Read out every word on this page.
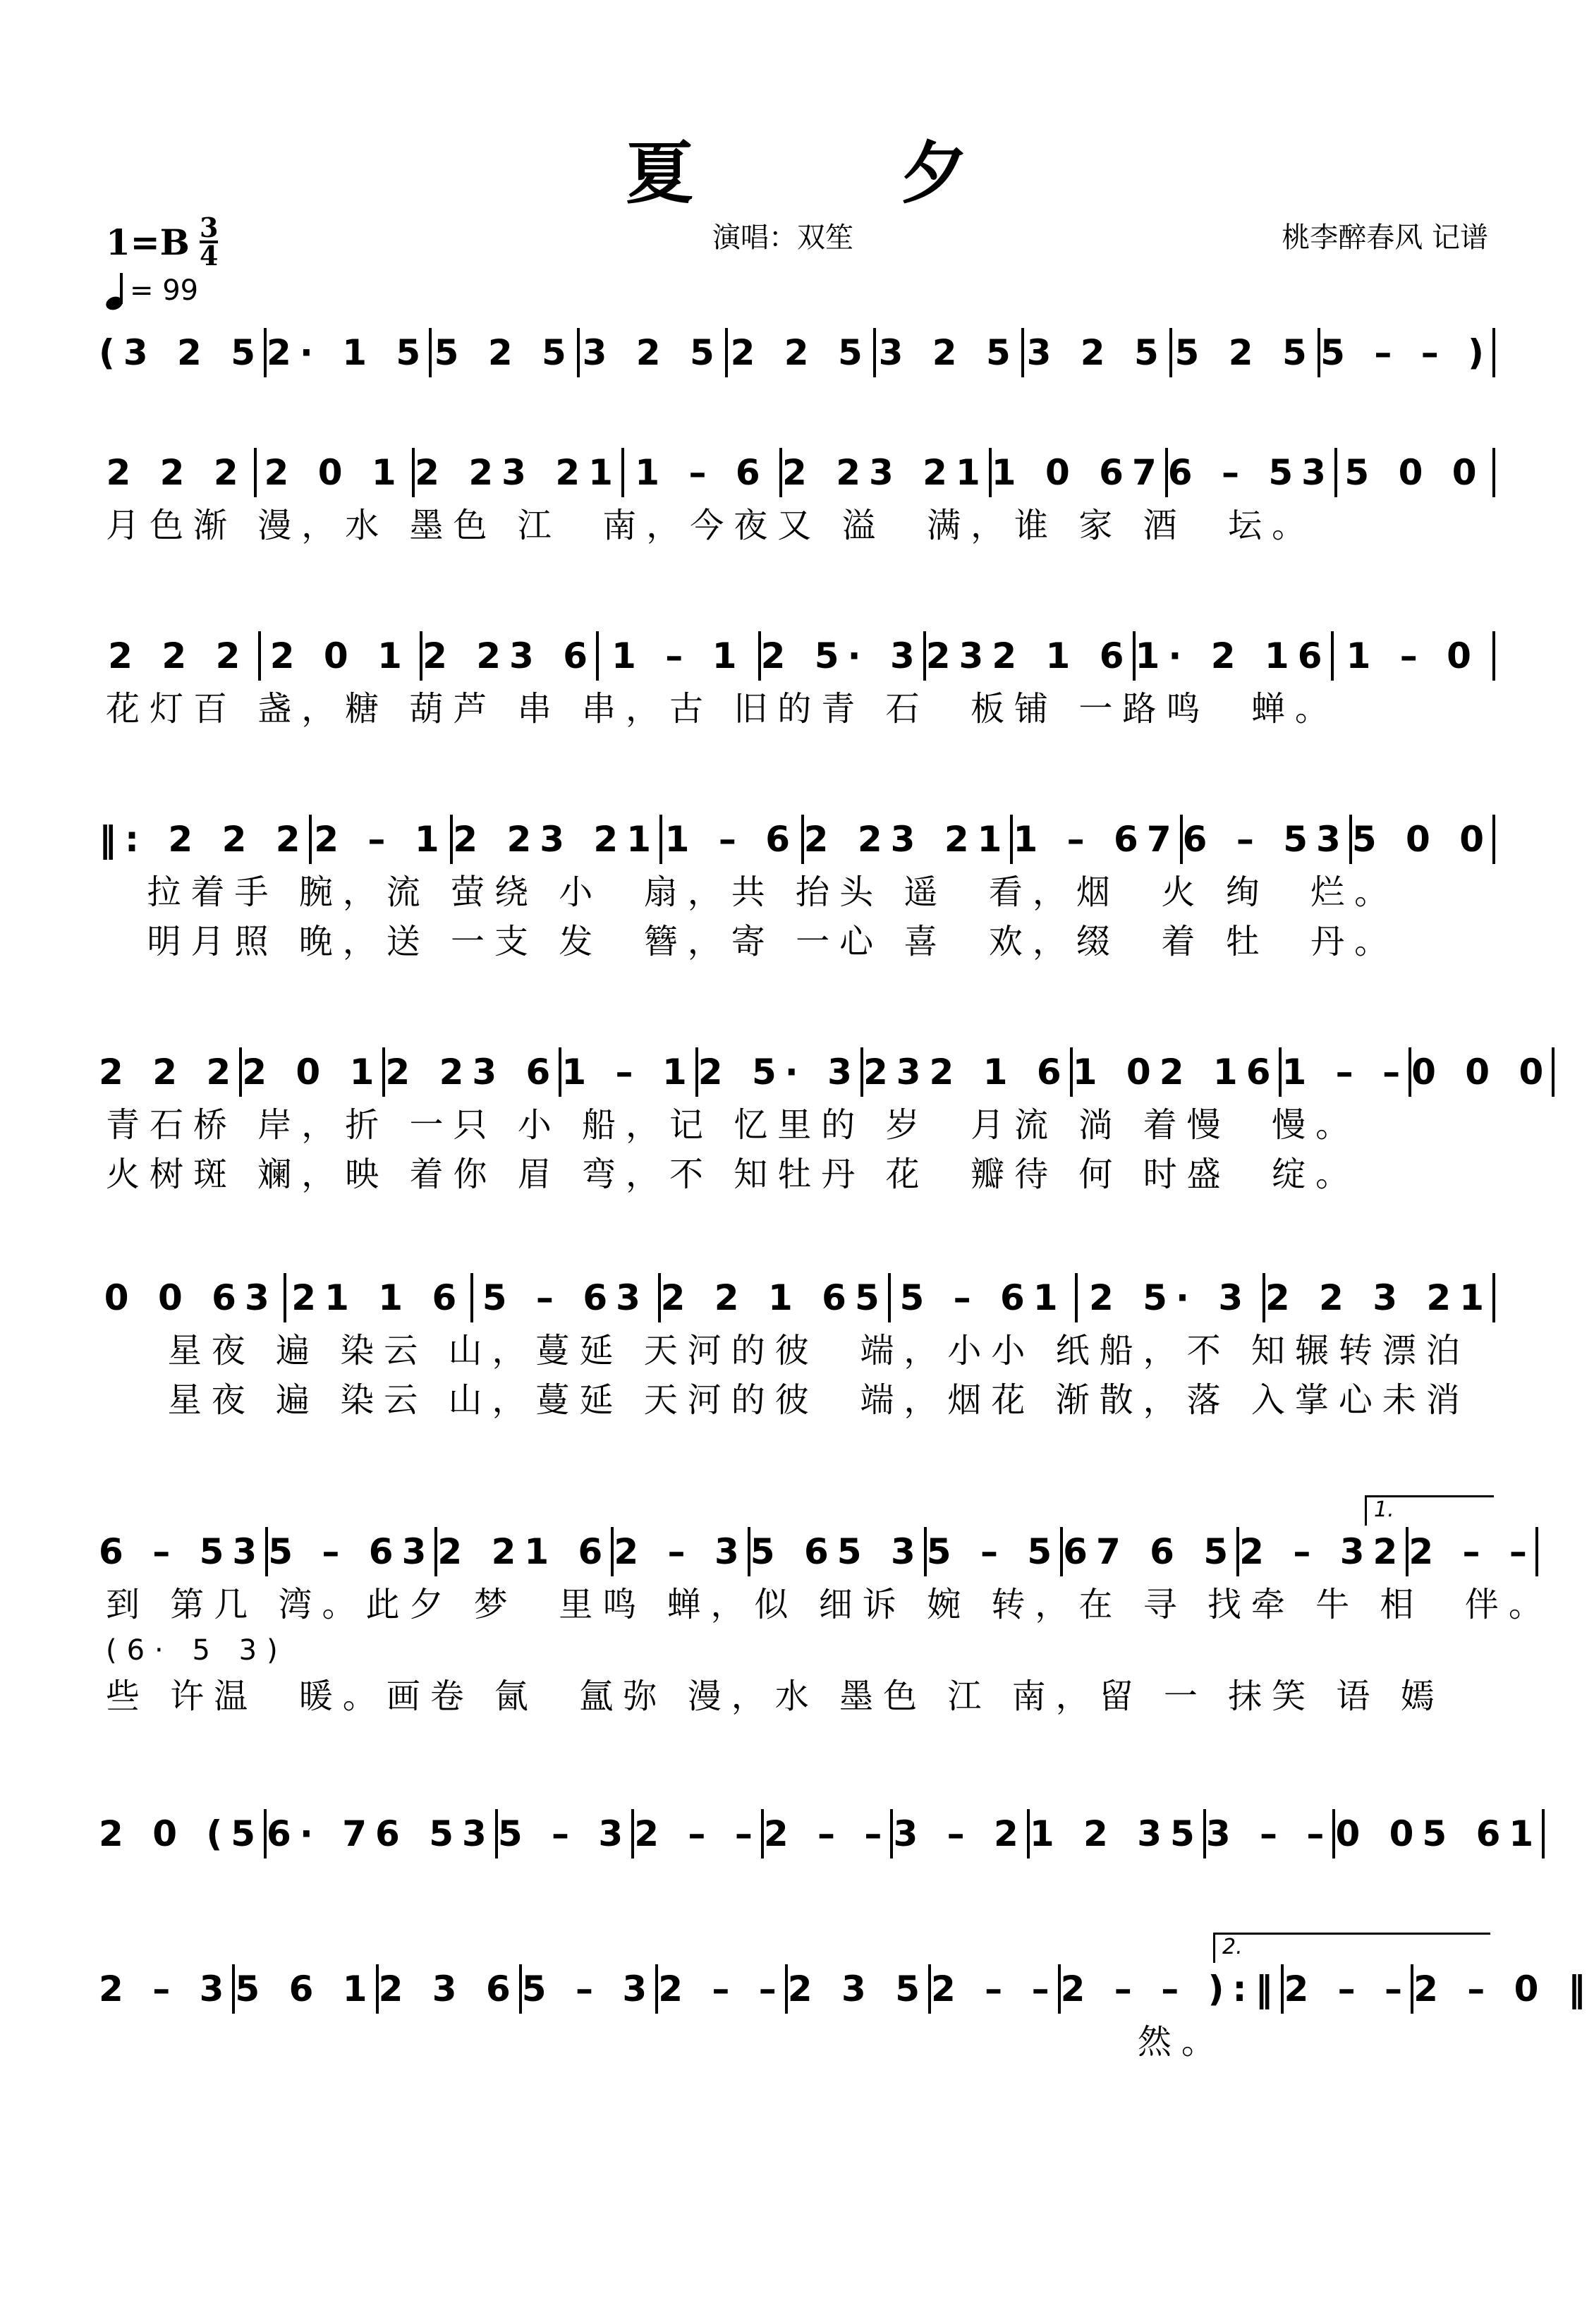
夏 夕
1=B 3
4
= 99
演唱：双笙	桃李醉春风 记谱
(3 2 5 2· 1 5 5 2 5 3 2 5 2 2 5 3 2 5 3 2 5 5 2 5 5 – – )
2 2 2 2 0 1 2 23 21 1 – 6 2 23 21 1 0 67 6 – 53 5 0 0
月色渐 漫，水 墨色 江  南，今夜又 溢  满，谁 家 酒  坛。
2 2 2 2 0 1 2 23 6 1 – 1 2 5· 3 232 1 6 1· 2 16 1 – 0
花灯百 盏，糖 葫芦 串 串，古 旧的青 石  板铺 一路鸣  蝉。
‖: 2 2 2 2 – 1 2 23 21 1 – 6 2 23 21 1 – 67 6 – 53 5 0 0
拉着手 腕，流 萤绕 小  扇，共 抬头 遥  看，烟  火 绚  烂。
明月照 晚，送 一支 发  簪，寄 一心 喜  欢，缀  着 牡  丹。
2 2 2 2 0 1 2 23 6 1 – 1 2 5· 3 232 1 6 1 02 16 1 – – 0 0 0
青石桥 岸，折 一只 小 船，记 忆里的 岁  月流 淌 着慢  慢。
火树斑 斓，映 着你 眉 弯，不 知牡丹 花  瓣待 何 时盛  绽。
0 0 63 21 1 6 5 – 63 2 2 1 65 5 – 61 2 5· 3 2 2 3 21
星夜 遍 染云 山，蔓延 天河的彼  端，小小 纸船，不 知辗转漂泊
星夜 遍 染云 山，蔓延 天河的彼  端，烟花 渐散，落 入掌心未消
1.
6 – 53 5 – 63 2 21 6 2 – 3 5 65 3 5 – 5 67 6 5 2 – 32 2 – –
到 第几 湾。此夕 梦  里鸣 蝉，似 细诉 婉 转，在 寻 找牵 牛 相  伴。
(6· 5 3)
些 许温  暖。画卷 氤  氲弥 漫，水 墨色 江 南，留 一 抹笑 语 嫣
2 0 (5 6· 76 53 5 – 3 2 – – 2 – – 3 – 2 1 2 35 3 – – 0 05 61
2.
2 – 3 5 6 1 2 3 6 5 – 3 2 – – 2 3 5 2 – – 2 – – ):‖ 2 – – 2 – 0 ‖
然。
